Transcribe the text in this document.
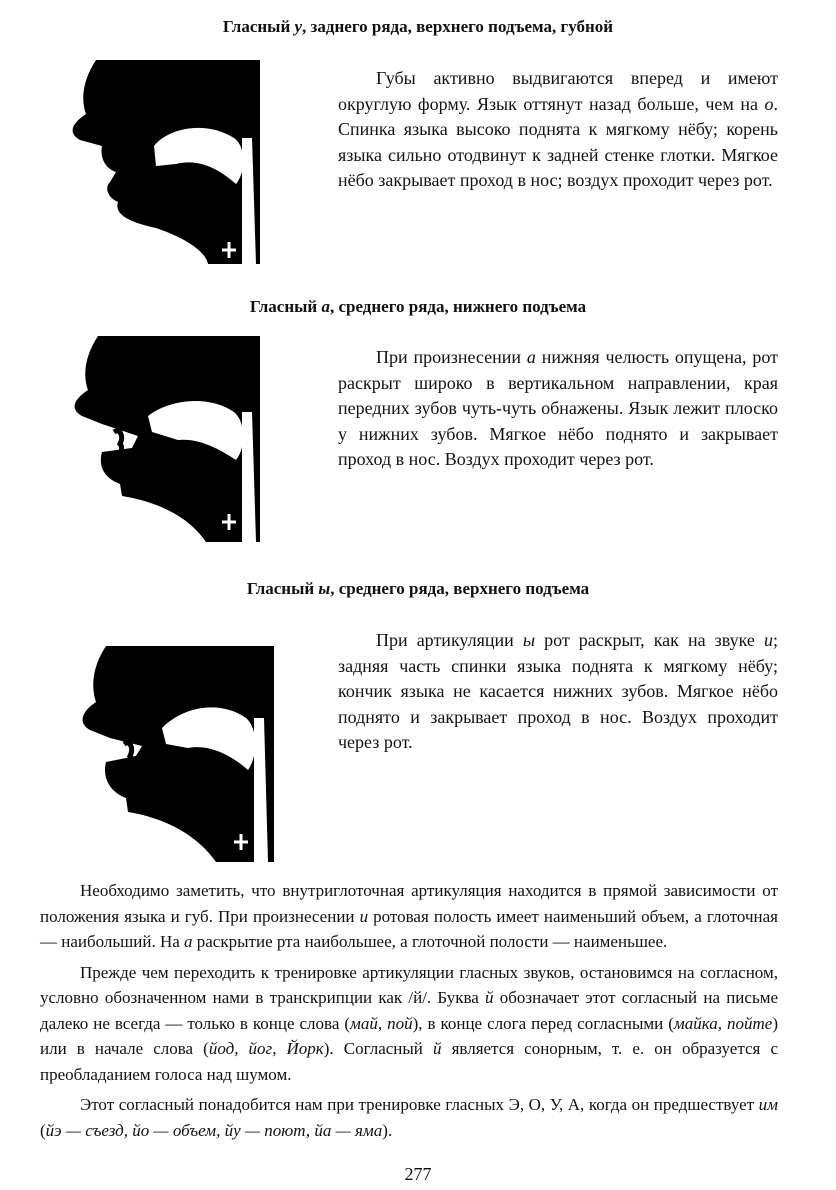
Гласный у, заднего ряда, верхнего подъема, губной

Губы активно выдвигаются вперед и имеют округлую форму. Язык оттянут назад больше, чем на о. Спинка языка высоко поднята к мягкому нёбу; корень языка сильно отодвинут к задней стенке глотки. Мягкое нёбо закрывает проход в нос; воздух проходит через рот.

Гласный а, среднего ряда, нижнего подъема

При произнесении а нижняя челюсть опущена, рот раскрыт широко в вертикальном направлении, края передних зубов чуть-чуть обнажены. Язык лежит плоско у нижних зубов. Мягкое нёбо поднято и закрывает проход в нос. Воздух проходит через рот.

Гласный ы, среднего ряда, верхнего подъема

При артикуляции ы рот раскрыт, как на звуке и; задняя часть спинки языка поднята к мягкому нёбу; кончик языка не касается нижних зубов. Мягкое нёбо поднято и закрывает проход в нос. Воздух проходит через рот.

Необходимо заметить, что внутриглоточная артикуляция находится в прямой зависимости от положения языка и губ. При произнесении и ротовая полость имеет наименьший объем, а глоточная — наибольший. На а раскрытие рта наибольшее, а глоточной полости — наименьшее.

Прежде чем переходить к тренировке артикуляции гласных звуков, остановимся на согласном, условно обозначенном нами в транскрипции как /й/. Буква й обозначает этот согласный на письме далеко не всегда — только в конце слова (май, пой), в конце слога перед согласными (майка, пойте) или в начале слова (йод, йог, Йорк). Согласный й является сонорным, т. е. он образуется с преобладанием голоса над шумом.

Этот согласный понадобится нам при тренировке гласных Э, О, У, А, когда он предшествует им (йэ — съезд, йо — объем, йу — поют, йа — яма).

277
